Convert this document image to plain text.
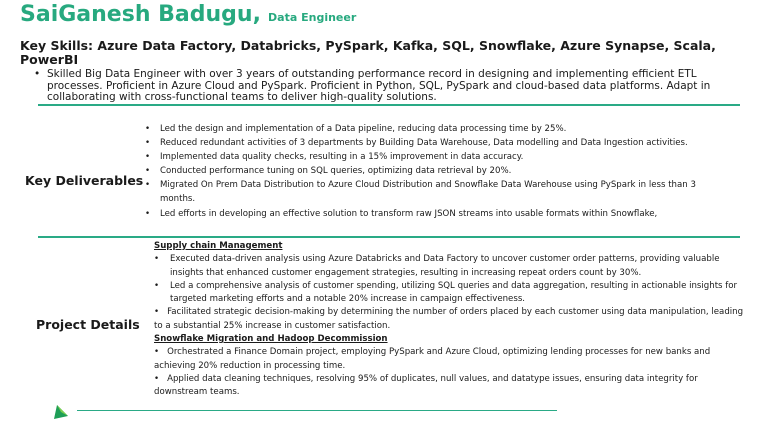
SaiGanesh Badugu, Data Engineer
Key Skills: Azure Data Factory, Databricks, PySpark, Kafka, SQL, Snowflake, Azure Synapse, Scala, PowerBI
• Skilled Big Data Engineer with over 3 years of outstanding performance record in designing and implementing efficient ETL processes. Proficient in Azure Cloud and PySpark. Proficient in Python, SQL, PySpark and cloud-based data platforms. Adapt in collaborating with cross-functional teams to deliver high-quality solutions.
Key Deliverables
• Led the design and implementation of a Data pipeline, reducing data processing time by 25%.
• Reduced redundant activities of 3 departments by Building Data Warehouse, Data modelling and Data Ingestion activities.
• Implemented data quality checks, resulting in a 15% improvement in data accuracy.
• Conducted performance tuning on SQL queries, optimizing data retrieval by 20%.
• Migrated On Prem Data Distribution to Azure Cloud Distribution and Snowflake Data Warehouse using PySpark in less than 3 months.
• Led efforts in developing an effective solution to transform raw JSON streams into usable formats within Snowflake,
Project Details
Supply chain Management
• Executed data-driven analysis using Azure Databricks and Data Factory to uncover customer order patterns, providing valuable insights that enhanced customer engagement strategies, resulting in increasing repeat orders count by 30%.
• Led a comprehensive analysis of customer spending, utilizing SQL queries and data aggregation, resulting in actionable insights for targeted marketing efforts and a notable 20% increase in campaign effectiveness.
• Facilitated strategic decision-making by determining the number of orders placed by each customer using data manipulation, leading to a substantial 25% increase in customer satisfaction.
Snowflake Migration and Hadoop Decommission
• Orchestrated a Finance Domain project, employing PySpark and Azure Cloud, optimizing lending processes for new banks and achieving 20% reduction in processing time.
• Applied data cleaning techniques, resolving 95% of duplicates, null values, and datatype issues, ensuring data integrity for downstream teams.
